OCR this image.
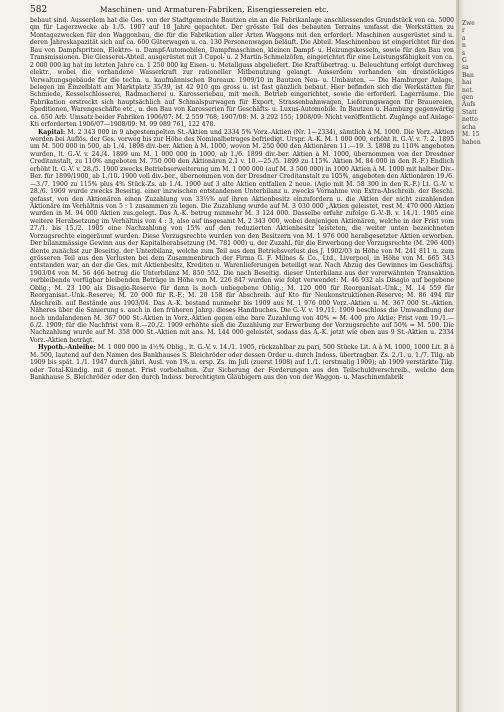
582	Maschinen- und Armaturen-Fabriken, Eisengiessereien etc.

bebaut sind. Ausserdem hat die Ges. von der Stadtgemeinde Bautzen ein an die Fabrikanlage anschliessendes Grundstück von ca. 5000 qm für Lagerzwecke ab 1./5. 1907 auf 10 Jahre gepachtet. Der grösste Teil des bebauten Terrains umfasst die Werkstätten zu Montagezwecken für den Waggonbau, die für die Fabrikation aller Arten Waggons mit den erforderl. Maschinen ausgerüstet sind u. deren Jahreskapazität sich auf ca. 600 Güterwagen u. ca. 130 Personenwagen beläuft. Die Abteil. Maschinenbau ist eingerichtet für den Bau von Dampfspritzen, Elektro- u. Dampf-Automobilen, Dampfmaschinen, kleinen Dampf- u. Heizungskesseln, sowie für den Bau von Transmissionen. Die Giesserei-Abteil. ausgerüstet mit 3 Cupol- u. 2 Martin-Schmelzöfen, eingerichtet für eine Leistungsfähigkeit von ca. 2 000 000 kg hat im letzten Jahre ca. 1 250 000 kg Eisen- u. Metallguss abgeliefert. Die Kraftübertrag. u. Beleuchtung erfolgt durchweg elektr., wobei die vorhandene Wasserkraft zur rationeller Mitbenutzung gelangt. Ausserdem vorhanden ein dreistöckiges Verwaltungsgebäude für die techn. u. kaufmännischen Bureaux. 1909/10 in Bautzen Neu- u. Umbauten. — Die Hamburger Anlage, belegen im Einzelblatt am Marktplatz 35/39, ist 42 910 qm gross u. ist fast gänzlich bebaut. Hier befinden sich die Werkstätten für Schmiede, Kesselschlosserei, Radmacherei u. Karosseriebau, mit mech. Betrieb eingerichtet, sowie die erforderl. Lagerräume. Die Fabrikation erstreckt sich hauptsächlich auf Schmalspurwagen für Export, Strassenbahnwagen, Lieferungswagen für Brauereien, Speditionen, Warengeschäfte etc., u. den Bau von Karosserien für Geschäfts- u. Luxus-Automobile. In Bautzen u. Hamburg gegenwärtig ca. 650 Arb. Umsatz beider Fabriken 1906/07: M. 2 559 768; 1907/08: M. 3 292 155; 1908/09: Nicht veröffentlicht. Zugänge auf Anlage-Kti erforderten 1906/07—1908/09: M. 99 089 761, 122 478.

Kapital: M. 2 343 000 in 9 abgestempelten St.-Aktien und 2334 5% Vorz.-Aktien (Nr. 1—2334), sämtlich à M. 1000. Die Vorz.-Aktien werden bei Auflös. der Ges. vorweg bis zur Höhe des Nominalbetrages befriedigt. Urspr. A.-K. M. 1 000 000, erhöht lt. G.-V. v. 7. 2. 1895 um M. 500 000 in 500, ab 1./4. 1898 div.-ber. Aktien à M. 1000, wovon M. 250 000 den Aktionären 11.—19. 3. 1898 zu 110% angeboten wurden, lt. G.-V. v. 24./4. 1899 um M. 1 000 000 in 1000, ab 1./6. 1899 div.-ber. Aktien à M. 1000, übernommen von der Dresdner Creditanstalt, zu 110% angeboten M. 750 000 den Aktionären 2.1 v. 10.—25./5. 1899 zu 115%. Aktien M. 84 000 in den R.-F.) Endlich erhöht lt. G.-V. v. 28./5. 1900 zwecks Betriebserweiterung um M. 1 000 000 (auf M. 3 500 000) in 1000 Aktien à M. 1000 mit halber Div.-Ber. für 1899/1900, ab 1./10. 1900 voll div.-ber., übernommen von der Dresdner Creditanstalt zu 105%, angeboten den Aktionären 19./6.—3./7. 1900 zu 115% plus 4% Stück-Zs. ab 1./4. 1900 auf 3 alte Aktien entfallen 2 neue. (Agio mit M. 58 300 in den R.-F.) Lt. G.-V. v. 28./6. 1909 wurde zwecks Beseitig. einer inzwischen entstandenen Unterbilanz u. zwecks Vornahme von Extra-Abschreib. der Beschl. gefasst, von den Aktionären einen Zuzahlung von 33⅓% auf ihren Aktienbesitz einzufordern u. die Aktien der nicht zuzahlenden Aktionäre im Verhältnis von 5 : 1 zusammen zu legen. Die Zuzahlung wurde auf M. 3 030 000 „Aktien geleistet, rest M. 470 000 Aktien wurden in M. 94 000 Aktien zus.gelegt. Das A.-K. betrug nunmehr M. 3 124 000. Dasselbe erfuhr zufolge G.-V.-B. v. 14./1. 1905 eine weitere Herabsetzung im Verhältnis von 4 : 3, also auf insgesamt M. 2 343 000, wobei denjenigen Aktionären, welche in der Frist vom 27./1. bis 15./2. 1905 eine Nachzahlung von 15% auf den reduzierten Aktienbesitz leisteten, die weiter unten bezeichneten Vorzugsrechte eingeräumt wurden. Diese Vorzugsrechte wurden von den Besitzern von M. 1 976 000 herabgesetzter Aktien erworben. Der bilanzmässige Gewinn aus der Kapitalherabsetzung (M. 781 000) u. der Zuzahl. für die Erwerbung der Vorzugsrechte (M. 296 400) diente zunächst zur Beseitig. der Unterbilanz, welche zum Teil aus dem Betriebsverlust des J. 1902/03 in Höhe von M. 241 811 u. zum grösseren Teil aus den Verlusten bei dem Zusammenbruch der Firma G. F. Milnes & Co., Ltd., Liverpool, in Höhe von M. 665 343 entstanden war, an der die Ges. mit Aktienbesitz, Krediten u. Warenlieferungen beteiligt war. Nach Abzug des Gewinnes im Geschäftsj. 1903/04 von M. 56 466 betrug die Unterbilanz M. 850 552. Die nach Beseitig. dieser Unterbilanz aus der vorerwähnten Transaktion verbleibende verfügbar bleibenden Beträge in Höhe von M. 226 847 wurden wie folgt verwendet: M. 46 932 als Disagio auf begebene Oblig.; M. 23 100 als Disagio-Reserve für dann ls noch unbegebene Oblig.; M. 120 000 für Reorganisat.-Unk.; M. 14 559 für Reorganisat.-Unk.-Reserve; M. 20 000 für R.-F.; M. 20 158 für Abschreib. auf Kto für Neukonstruktionen-Reserve; M. 86 494 für Abschreib. auf Bestände aus 1903/04. Das A.-K. bestand nunmehr bis 1909 aus M. 1 976 000 Vorz.-Aktien u. M. 367 000 St.-Aktien. Näheres über die Sanierung s. auch in den früheren Jahrg. dieses Handbuches. Die G.-V. v. 19./11. 1909 beschloss die Umwandlung der noch undalandenen M. 367 000 St.-Aktien in Vorz.-Aktien gegen eine bare Zuzahlung von 40% = M. 400 pro Aktie; Frist vom 19./1.—6./2. 1909; für die Nachfrist vom 8.—20./2. 1909 erhöhte sich die Zuzahlung zur Erwerbung der Vorzugsrechte auf 50% = M. 500. Die Nachzahlung wurde auf M. 358 000 St.-Aktien mit ans. M. 144 000 geleistet, sodass das A.-K. jetzt wie oben aus 9 St.-Aktien u. 2334 Vorz.-Aktien beträgt.

Hypoth.-Anleihe: M. 1 000 000 in 4½% Oblig., lt. G.-V. v. 14./1. 1905, rückzahlbar zu pari, 500 Stücke Lit. A à M. 1000, 1000 Lit. B à M. 500, lautend auf den Namen des Bankhauses S. Bleichröder oder dessen Order u. durch Indoss. übertragbar. Zs. 2./1. u. 1./7. Tilg. ab 1909 bis spät. 1./1. 1947 durch jährl. Ausl. von 1% u. ersp. Zs. im Juli (zuerst 1908) auf 1./1. (erstmalig 1909); ab 1909 verstärkte Tilg. oder Total-Kündig. mit 6 monat. Frist vorbehalten. Zur Sicherung der Forderungen aus den Teilschuldverschreib., welche dem Bankhause S. Bleichröder oder den durch Indoss. berechtigten Gläubigern aus den von der Waggon- u. Maschinenfabrik

Zwe
r
a
n
s
G
sa
Ban
hai
net.
gen
Aufs
Statt
netto
scha
M. 15
haben
